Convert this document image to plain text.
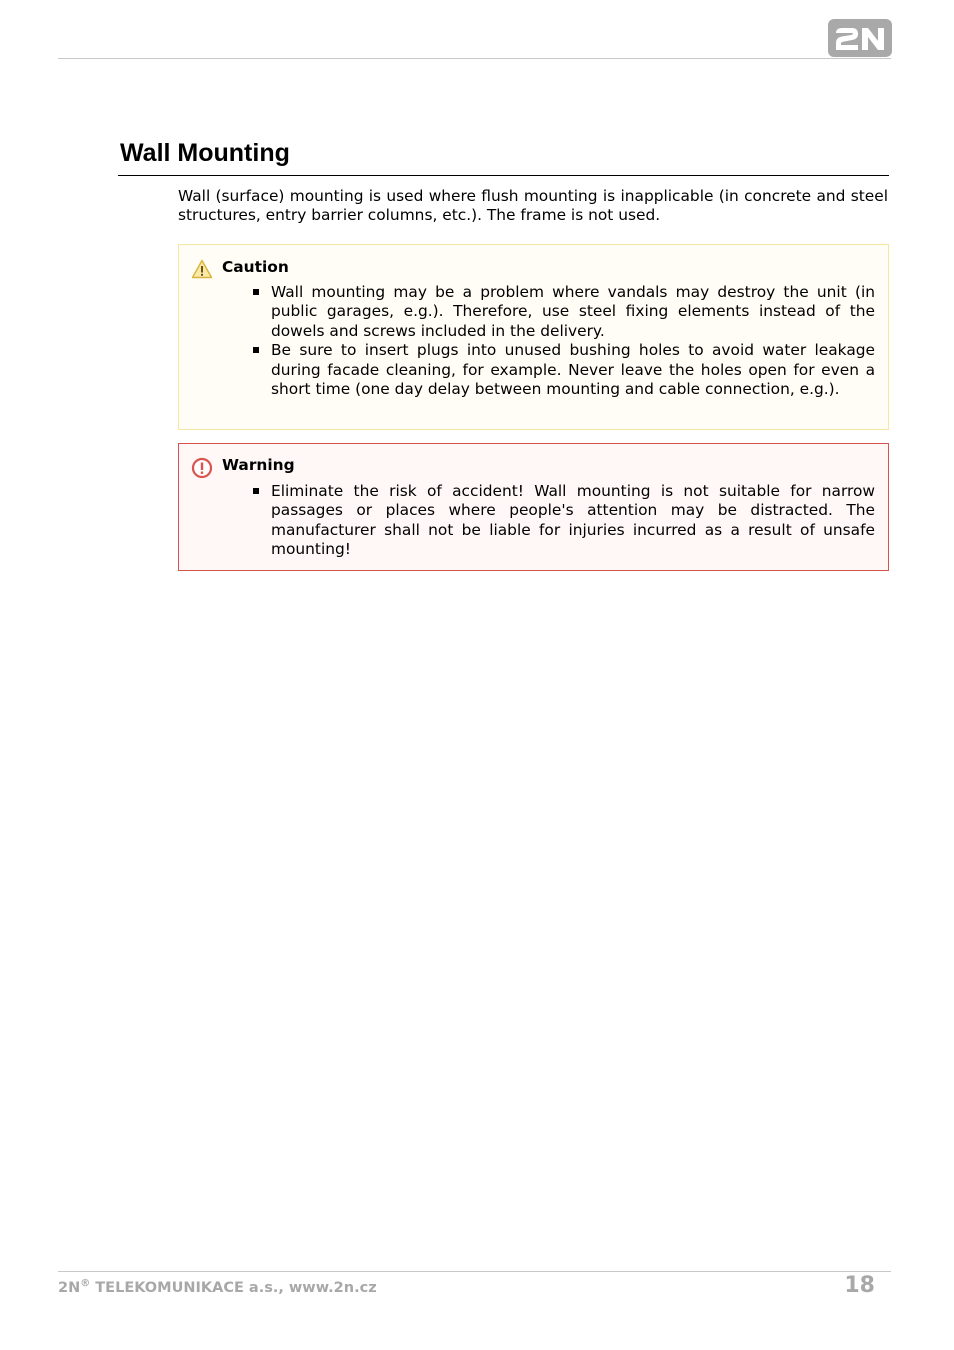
Wall Mounting

Wall (surface) mounting is used where flush mounting is inapplicable (in concrete and steel structures, entry barrier columns, etc.). The frame is not used.

Caution
Wall mounting may be a problem where vandals may destroy the unit (in public garages, e.g.). Therefore, use steel fixing elements instead of the dowels and screws included in the delivery.
Be sure to insert plugs into unused bushing holes to avoid water leakage during facade cleaning, for example. Never leave the holes open for even a short time (one day delay between mounting and cable connection, e.g.).
Warning
Eliminate the risk of accident! Wall mounting is not suitable for narrow passages or places where people's attention may be distracted. The manufacturer shall not be liable for injuries incurred as a result of unsafe mounting!
2N® TELEKOMUNIKACE a.s., www.2n.cz	18
